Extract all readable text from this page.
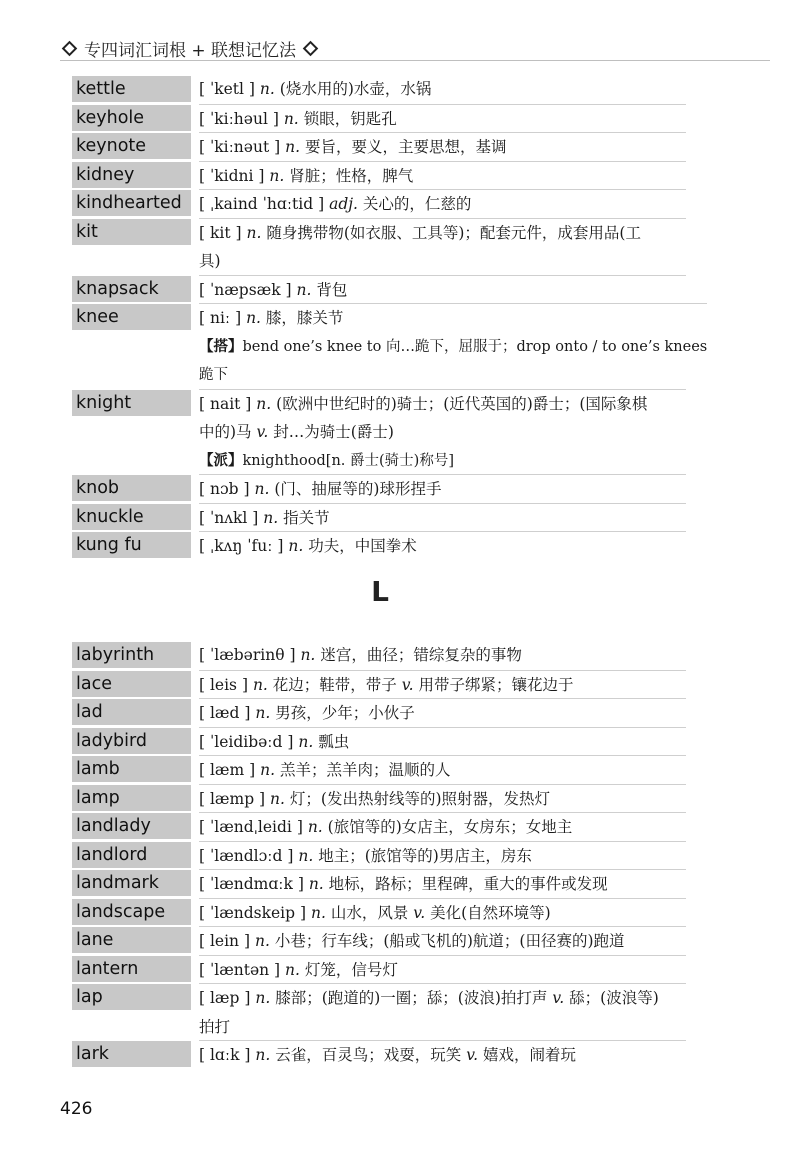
专四词汇词根 + 联想记忆法
kettle	[ ˈketl ] n. (烧水用的)水壶，水锅
keyhole	[ ˈkiːhəul ] n. 锁眼，钥匙孔
keynote	[ ˈkiːnəut ] n. 要旨，要义，主要思想，基调
kidney	[ ˈkidni ] n. 肾脏；性格，脾气
kindhearted	[ ˌkaind ˈhɑːtid ] adj. 关心的，仁慈的
kit	[ kit ] n. 随身携带物(如衣服、工具等)；配套元件，成套用品(工
具)
knapsack	[ ˈnæpsæk ] n. 背包
knee	[ niː ] n. 膝，膝关节
【搭】bend one’s knee to 向…跪下，屈服于；drop onto / to one’s knees
跪下
knight	[ nait ] n. (欧洲中世纪时的)骑士；(近代英国的)爵士；(国际象棋
中的)马 v. 封…为骑士(爵士)
【派】knighthood[n. 爵士(骑士)称号]
knob	[ nɔb ] n. (门、抽屉等的)球形捏手
knuckle	[ ˈnʌkl ] n. 指关节
kung fu	[ ˌkʌŋ ˈfuː ] n. 功夫，中国拳术
L
labyrinth	[ ˈlæbərinθ ] n. 迷宫，曲径；错综复杂的事物
lace	[ leis ] n. 花边；鞋带，带子 v. 用带子绑紧；镶花边于
lad	[ læd ] n. 男孩，少年；小伙子
ladybird	[ ˈleidibəːd ] n. 瓢虫
lamb	[ læm ] n. 羔羊；羔羊肉；温顺的人
lamp	[ læmp ] n. 灯；(发出热射线等的)照射器，发热灯
landlady	[ ˈlændˌleidi ] n. (旅馆等的)女店主，女房东；女地主
landlord	[ ˈlændlɔːd ] n. 地主；(旅馆等的)男店主，房东
landmark	[ ˈlændmɑːk ] n. 地标，路标；里程碑，重大的事件或发现
landscape	[ ˈlændskeip ] n. 山水，风景 v. 美化(自然环境等)
lane	[ lein ] n. 小巷；行车线；(船或飞机的)航道；(田径赛的)跑道
lantern	[ ˈlæntən ] n. 灯笼，信号灯
lap	[ læp ] n. 膝部；(跑道的)一圈；舔；(波浪)拍打声 v. 舔；(波浪等)
拍打
lark	[ lɑːk ] n. 云雀，百灵鸟；戏耍，玩笑 v. 嬉戏，闹着玩
426
